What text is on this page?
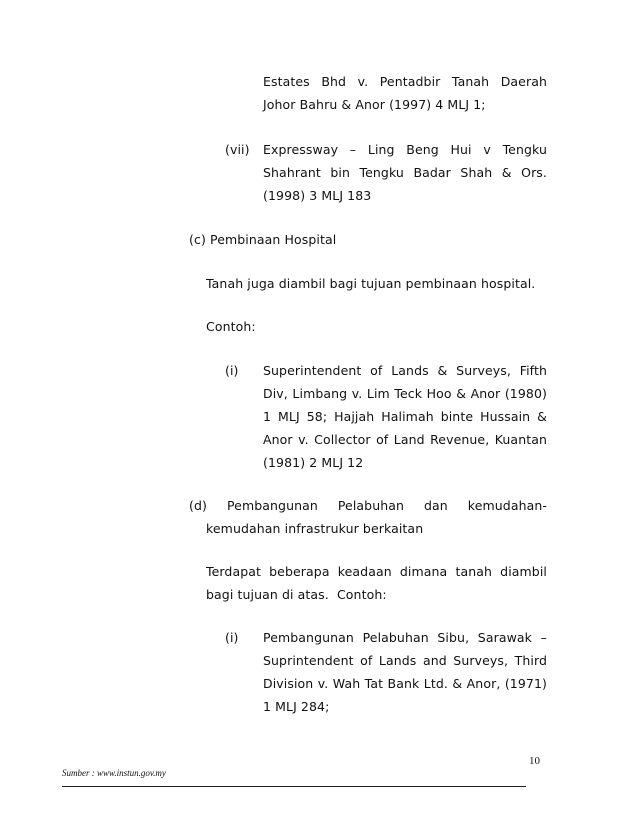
Estates Bhd v. Pentadbir Tanah Daerah
Johor Bahru & Anor (1997) 4 MLJ 1;
(vii) Expressway – Ling Beng Hui v Tengku
Shahrant bin Tengku Badar Shah & Ors.
(1998) 3 MLJ 183
(c) Pembinaan Hospital
Tanah juga diambil bagi tujuan pembinaan hospital.
Contoh:
(i) Superintendent of Lands & Surveys, Fifth
Div, Limbang v. Lim Teck Hoo & Anor (1980)
1 MLJ 58; Hajjah Halimah binte Hussain &
Anor v. Collector of Land Revenue, Kuantan
(1981) 2 MLJ 12
(d) Pembangunan Pelabuhan dan kemudahan-
kemudahan infrastrukur berkaitan
Terdapat beberapa keadaan dimana tanah diambil
bagi tujuan di atas.  Contoh:
(i) Pembangunan Pelabuhan Sibu, Sarawak –
Suprintendent of Lands and Surveys, Third
Division v. Wah Tat Bank Ltd. & Anor, (1971)
1 MLJ 284;
10
Sumber : www.instun.gov.my
